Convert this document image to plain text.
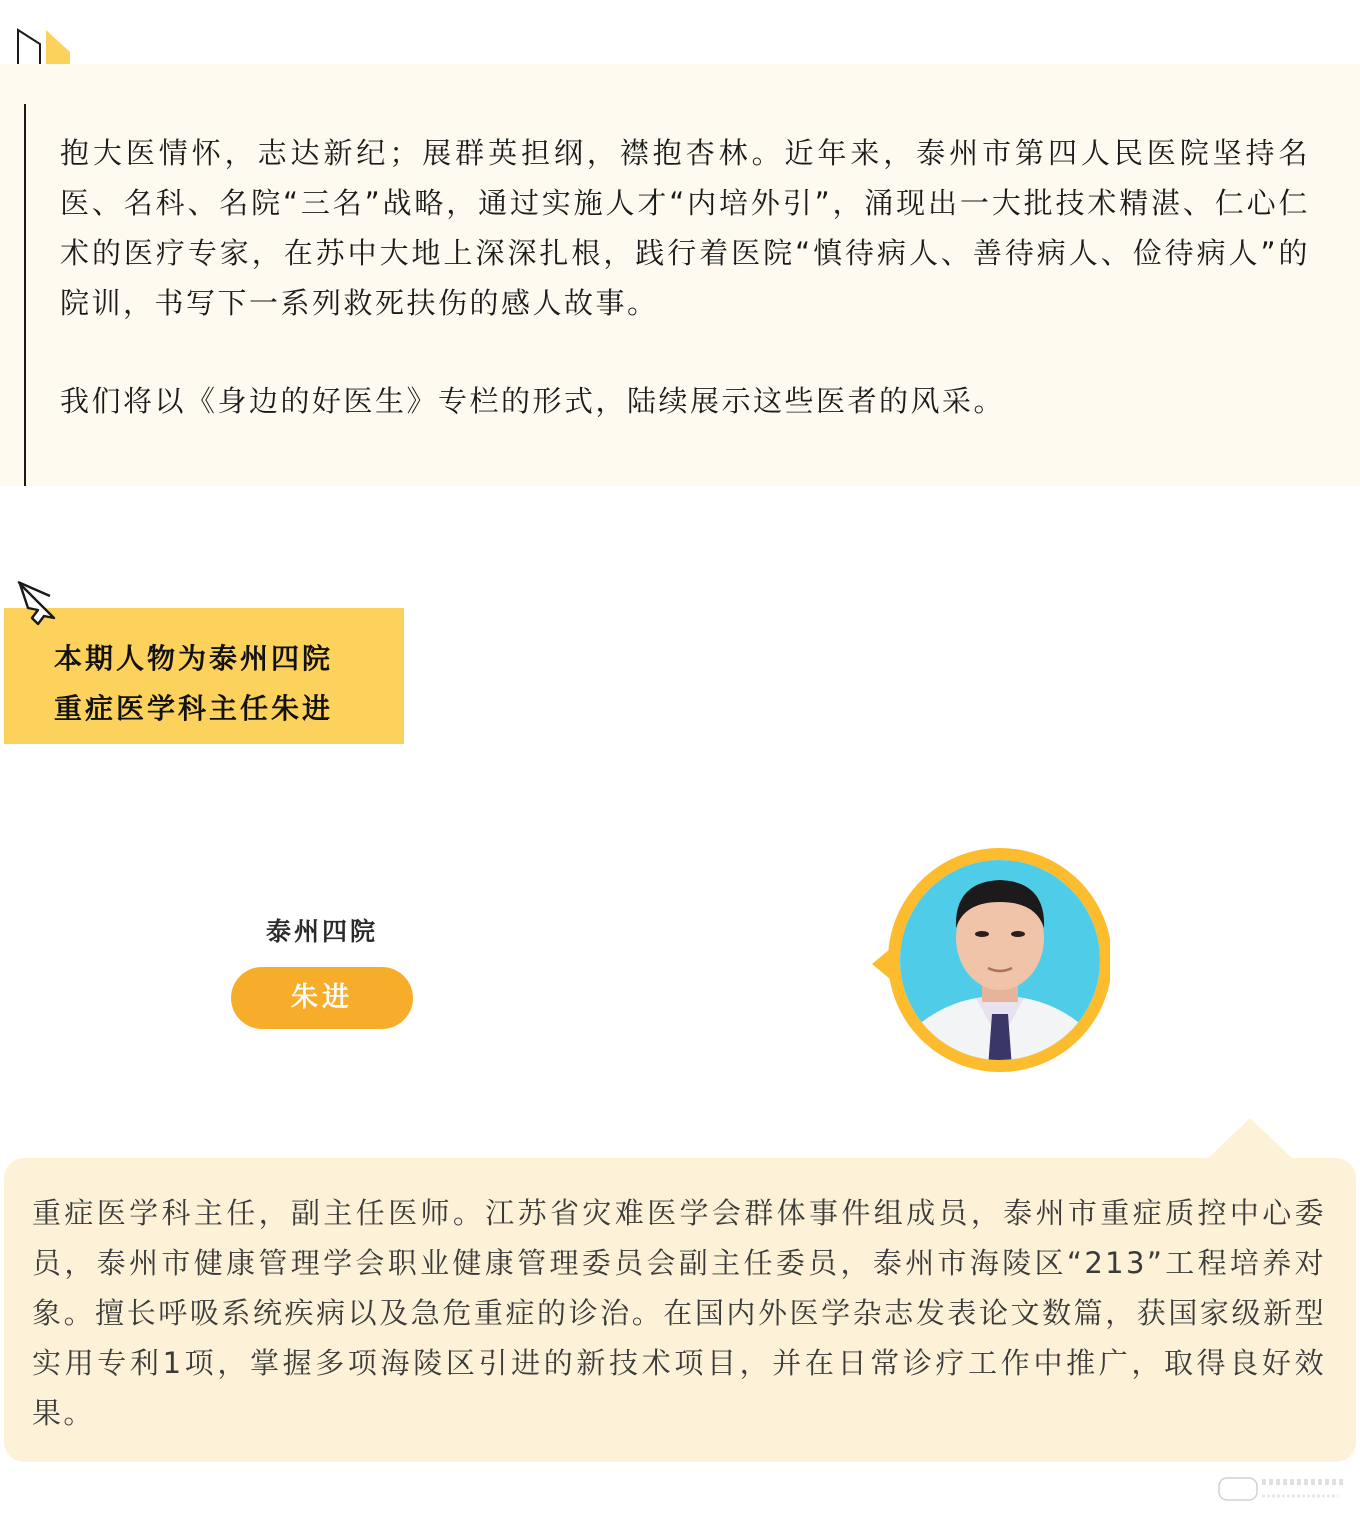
抱大医情怀，志达新纪；展群英担纲，襟抱杏林。近年来，泰州市第四人民医院坚持名医、名科、名院“三名”战略，通过实施人才“内培外引”，涌现出一大批技术精湛、仁心仁术的医疗专家，在苏中大地上深深扎根，践行着医院“慎待病人、善待病人、俭待病人”的院训，书写下一系列救死扶伤的感人故事。

我们将以《身边的好医生》专栏的形式，陆续展示这些医者的风采。

本期人物为泰州四院
重症医学科主任朱进
泰州四院
朱进

重症医学科主任，副主任医师。江苏省灾难医学会群体事件组成员，泰州市重症质控中心委员，泰州市健康管理学会职业健康管理委员会副主任委员，泰州市海陵区“213”工程培养对象。擅长呼吸系统疾病以及急危重症的诊治。在国内外医学杂志发表论文数篇，获国家级新型实用专利1项，掌握多项海陵区引进的新技术项目，并在日常诊疗工作中推广，取得良好效果。
